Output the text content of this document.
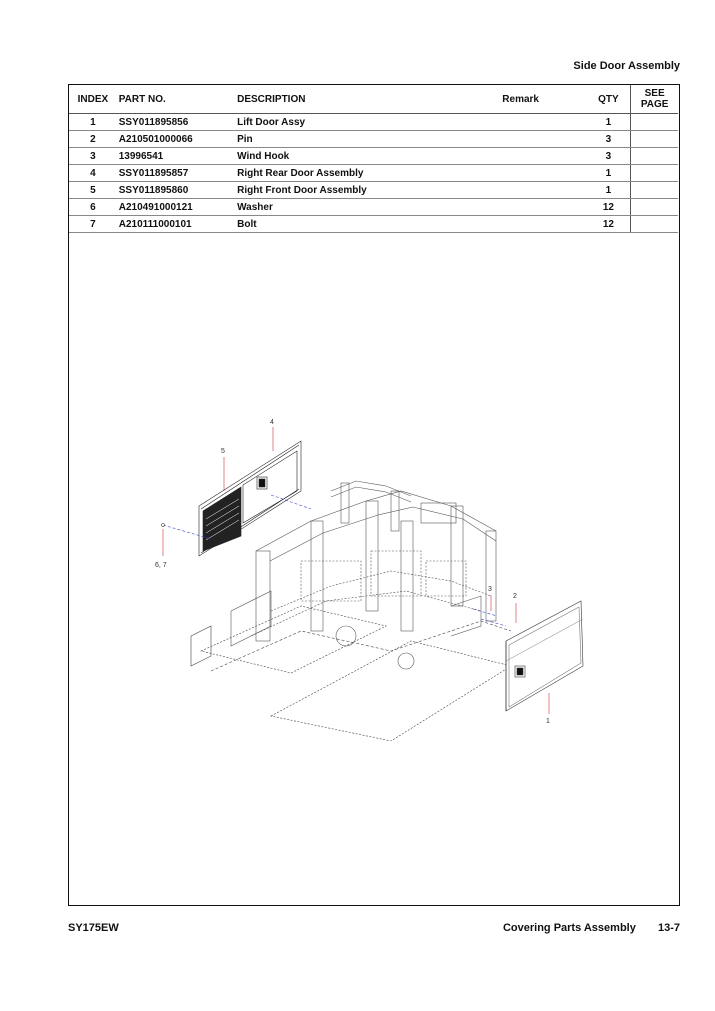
Side Door Assembly
INDEX	PART NO.	DESCRIPTION	Remark	QTY	SEE PAGE
1	SSY011895856	Lift Door Assy		1	
2	A210501000066	Pin		3	
3	13996541	Wind Hook		3	
4	SSY011895857	Right Rear Door Assembly		1	
5	SSY011895860	Right Front Door Assembly		1	
6	A210491000121	Washer		12	
7	A210111000101	Bolt		12	
4
5
6, 7
3
2
1
SY175EW	Covering Parts Assembly 13-7
